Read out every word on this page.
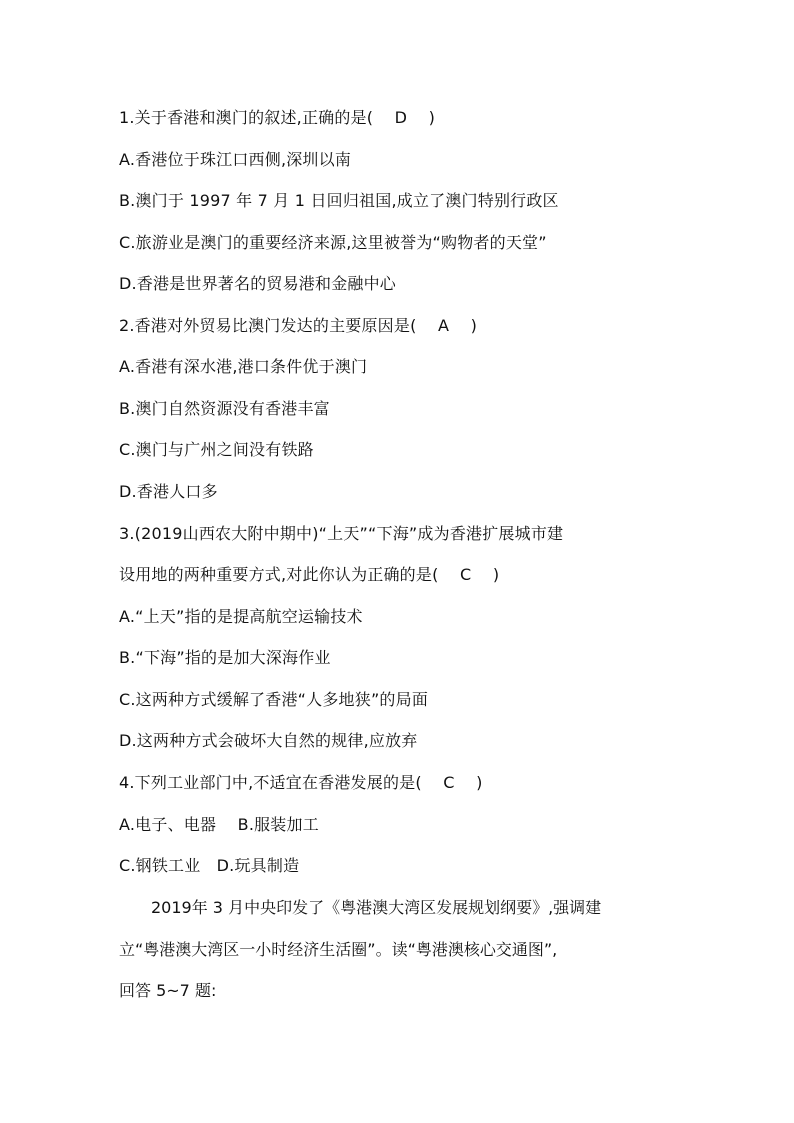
1.关于香港和澳门的叙述,正确的是(　 D　 )
A.香港位于珠江口西侧,深圳以南
B.澳门于 1997 年 7 月 1 日回归祖国,成立了澳门特别行政区
C.旅游业是澳门的重要经济来源,这里被誉为“购物者的天堂”
D.香港是世界著名的贸易港和金融中心
2.香港对外贸易比澳门发达的主要原因是(　 A　 )
A.香港有深水港,港口条件优于澳门
B.澳门自然资源没有香港丰富
C.澳门与广州之间没有铁路
D.香港人口多
3.(2019山西农大附中期中)“上天”“下海”成为香港扩展城市建
设用地的两种重要方式,对此你认为正确的是(　 C　 )
A.“上天”指的是提高航空运输技术
B.“下海”指的是加大深海作业
C.这两种方式缓解了香港“人多地狭”的局面
D.这两种方式会破坏大自然的规律,应放弃
4.下列工业部门中,不适宜在香港发展的是(　 C　 )
A.电子、电器　 B.服装加工
C.钢铁工业　D.玩具制造
　　2019年 3 月中央印发了《粤港澳大湾区发展规划纲要》,强调建
立“粤港澳大湾区一小时经济生活圈”。读“粤港澳核心交通图”,
回答 5~7 题:
